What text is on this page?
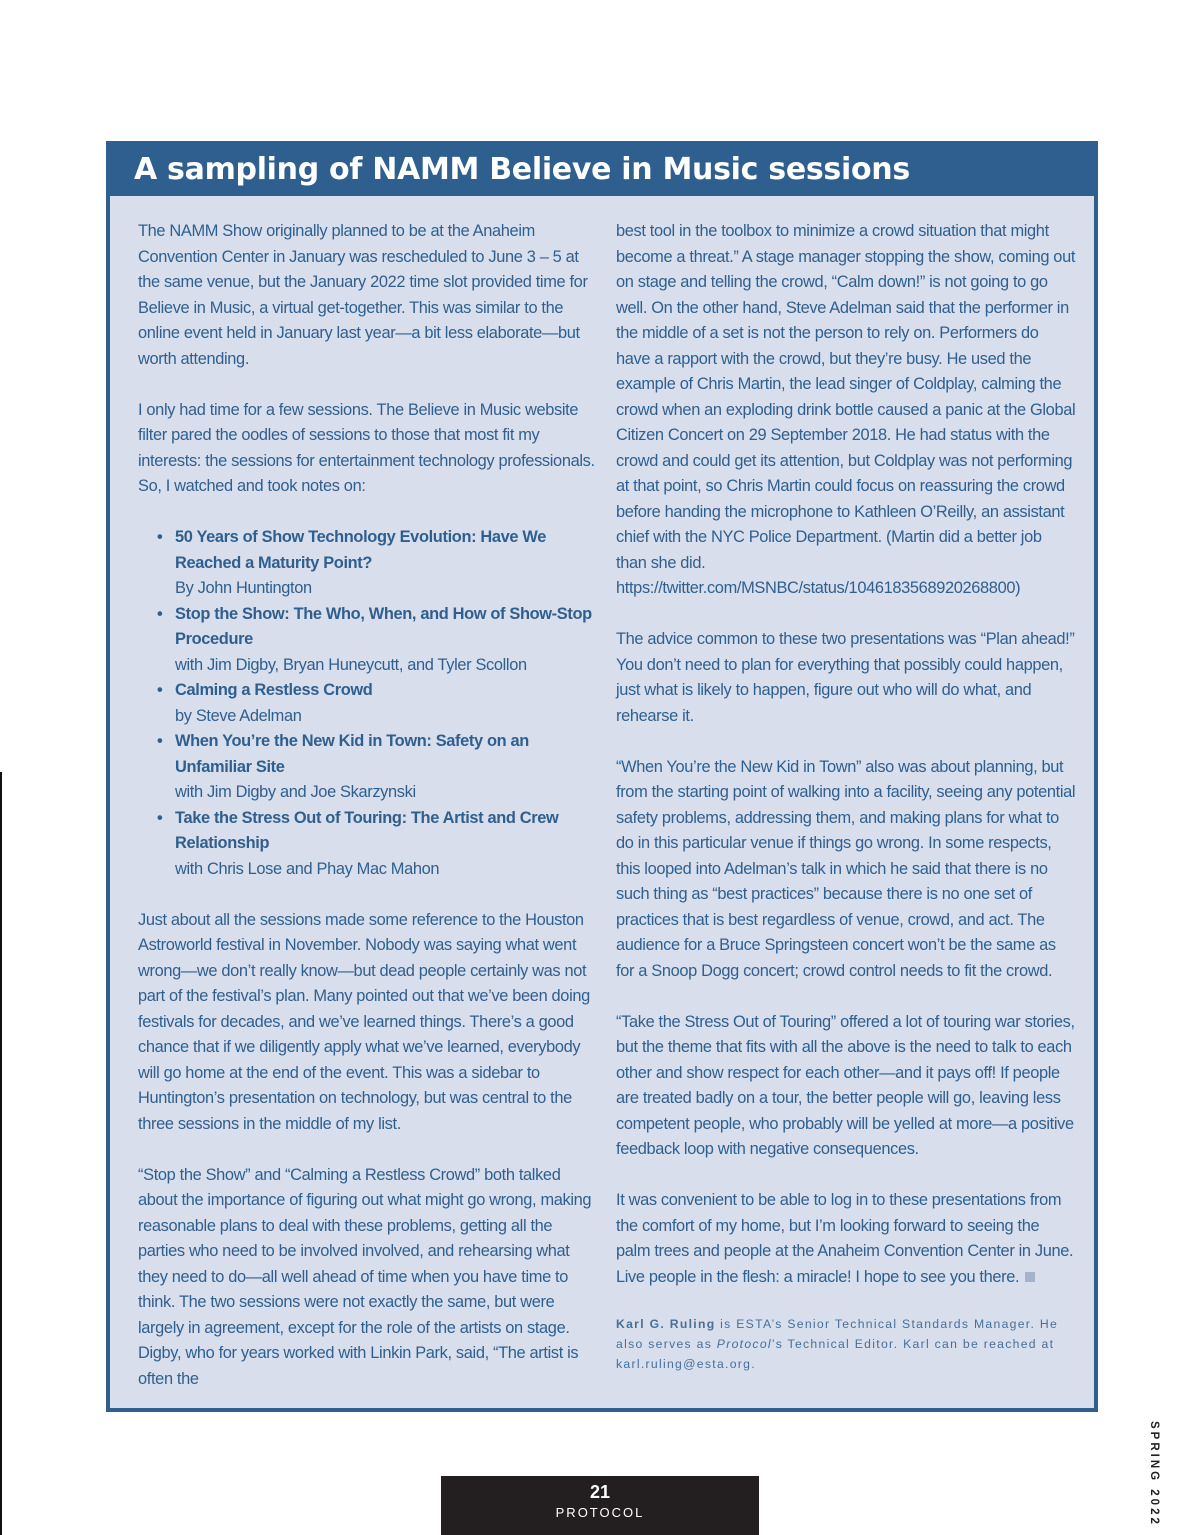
A sampling of NAMM Believe in Music sessions

The NAMM Show originally planned to be at the Anaheim Convention Center in January was rescheduled to June 3 – 5 at the same venue, but the January 2022 time slot provided time for Believe in Music, a virtual get-together. This was similar to the online event held in January last year—a bit less elaborate—but worth attending.

I only had time for a few sessions. The Believe in Music website filter pared the oodles of sessions to those that most fit my interests: the sessions for entertainment technology professionals. So, I watched and took notes on:

• 50 Years of Show Technology Evolution: Have We Reached a Maturity Point?
By John Huntington
• Stop the Show: The Who, When, and How of Show-Stop Procedure
with Jim Digby, Bryan Huneycutt, and Tyler Scollon
• Calming a Restless Crowd
by Steve Adelman
• When You’re the New Kid in Town: Safety on an Unfamiliar Site
with Jim Digby and Joe Skarzynski
• Take the Stress Out of Touring: The Artist and Crew Relationship
with Chris Lose and Phay Mac Mahon

Just about all the sessions made some reference to the Houston Astroworld festival in November. Nobody was saying what went wrong—we don’t really know—but dead people certainly was not part of the festival’s plan. Many pointed out that we’ve been doing festivals for decades, and we’ve learned things. There’s a good chance that if we diligently apply what we’ve learned, everybody will go home at the end of the event. This was a sidebar to Huntington’s presentation on technology, but was central to the three sessions in the middle of my list.

“Stop the Show” and “Calming a Restless Crowd” both talked about the importance of figuring out what might go wrong, making reasonable plans to deal with these problems, getting all the parties who need to be involved involved, and rehearsing what they need to do—all well ahead of time when you have time to think. The two sessions were not exactly the same, but were largely in agreement, except for the role of the artists on stage. Digby, who for years worked with Linkin Park, said, “The artist is often the

best tool in the toolbox to minimize a crowd situation that might become a threat.” A stage manager stopping the show, coming out on stage and telling the crowd, “Calm down!” is not going to go well. On the other hand, Steve Adelman said that the performer in the middle of a set is not the person to rely on. Performers do have a rapport with the crowd, but they’re busy. He used the example of Chris Martin, the lead singer of Coldplay, calming the crowd when an exploding drink bottle caused a panic at the Global Citizen Concert on 29 September 2018. He had status with the crowd and could get its attention, but Coldplay was not performing at that point, so Chris Martin could focus on reassuring the crowd before handing the microphone to Kathleen O’Reilly, an assistant chief with the NYC Police Department. (Martin did a better job than she did. https://twitter.com/MSNBC/status/1046183568920268800)

The advice common to these two presentations was “Plan ahead!” You don’t need to plan for everything that possibly could happen, just what is likely to happen, figure out who will do what, and rehearse it.

“When You’re the New Kid in Town” also was about planning, but from the starting point of walking into a facility, seeing any potential safety problems, addressing them, and making plans for what to do in this particular venue if things go wrong. In some respects, this looped into Adelman’s talk in which he said that there is no such thing as “best practices” because there is no one set of practices that is best regardless of venue, crowd, and act. The audience for a Bruce Springsteen concert won’t be the same as for a Snoop Dogg concert; crowd control needs to fit the crowd.

“Take the Stress Out of Touring” offered a lot of touring war stories, but the theme that fits with all the above is the need to talk to each other and show respect for each other—and it pays off! If people are treated badly on a tour, the better people will go, leaving less competent people, who probably will be yelled at more—a positive feedback loop with negative consequences.

It was convenient to be able to log in to these presentations from the comfort of my home, but I’m looking forward to seeing the palm trees and people at the Anaheim Convention Center in June. Live people in the flesh: a miracle! I hope to see you there.

Karl G. Ruling is ESTA’s Senior Technical Standards Manager. He also serves as Protocol’s Technical Editor. Karl can be reached at karl.ruling@esta.org.
21
PROTOCOL	SPRING 2022
